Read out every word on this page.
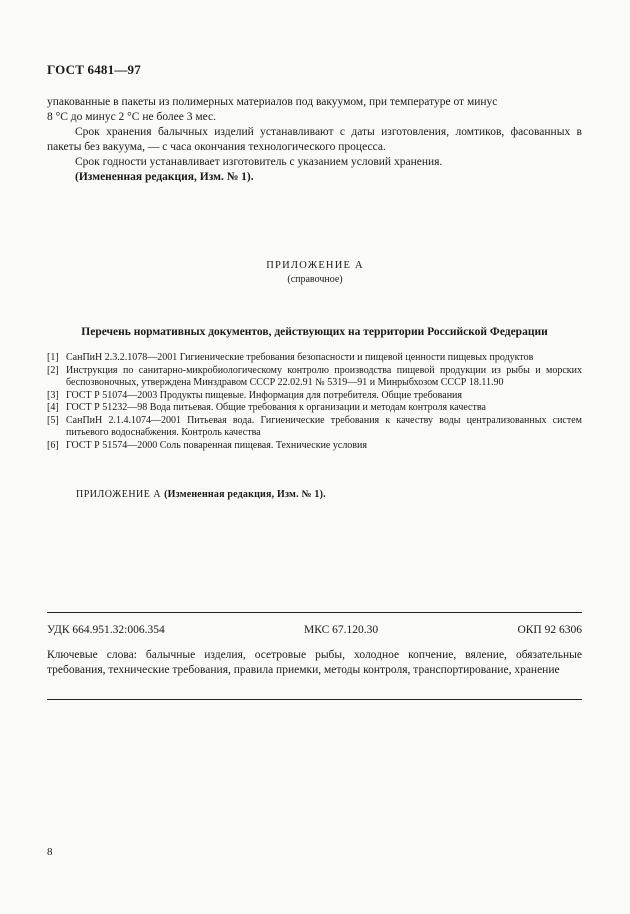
ГОСТ 6481—97

упакованные в пакеты из полимерных материалов под вакуумом, при температуре от минус
8 °С до минус 2 °С не более 3 мес.

Срок хранения балычных изделий устанавливают с даты изготовления, ломтиков, фасованных в пакеты без вакуума, — с часа окончания технологического процесса.

Срок годности устанавливает изготовитель с указанием условий хранения.

(Измененная редакция, Изм. № 1).

ПРИЛОЖЕНИЕ А
(справочное)
Перечень нормативных документов, действующих на территории Российской Федерации
[1] СанПиН 2.3.2.1078—2001 Гигиенические требования безопасности и пищевой ценности пищевых продуктов
[2] Инструкция по санитарно-микробиологическому контролю производства пищевой продукции из рыбы и морских беспозвоночных, утверждена Минздравом СССР 22.02.91 № 5319—91 и Минрыбхозом СССР 18.11.90
[3] ГОСТ Р 51074—2003 Продукты пищевые. Информация для потребителя. Общие требования
[4] ГОСТ Р 51232—98 Вода питьевая. Общие требования к организации и методам контроля качества
[5] СанПиН 2.1.4.1074—2001 Питьевая вода. Гигиенические требования к качеству воды централизованных систем питьевого водоснабжения. Контроль качества
[6] ГОСТ Р 51574—2000 Соль поваренная пищевая. Технические условия
ПРИЛОЖЕНИЕ А (Измененная редакция, Изм. № 1).
УДК 664.951.32:006.354	МКС 67.120.30	ОКП 92 6306
Ключевые слова: балычные изделия, осетровые рыбы, холодное копчение, вяление, обязательные требования, технические требования, правила приемки, методы контроля, транспортирование, хранение
8
